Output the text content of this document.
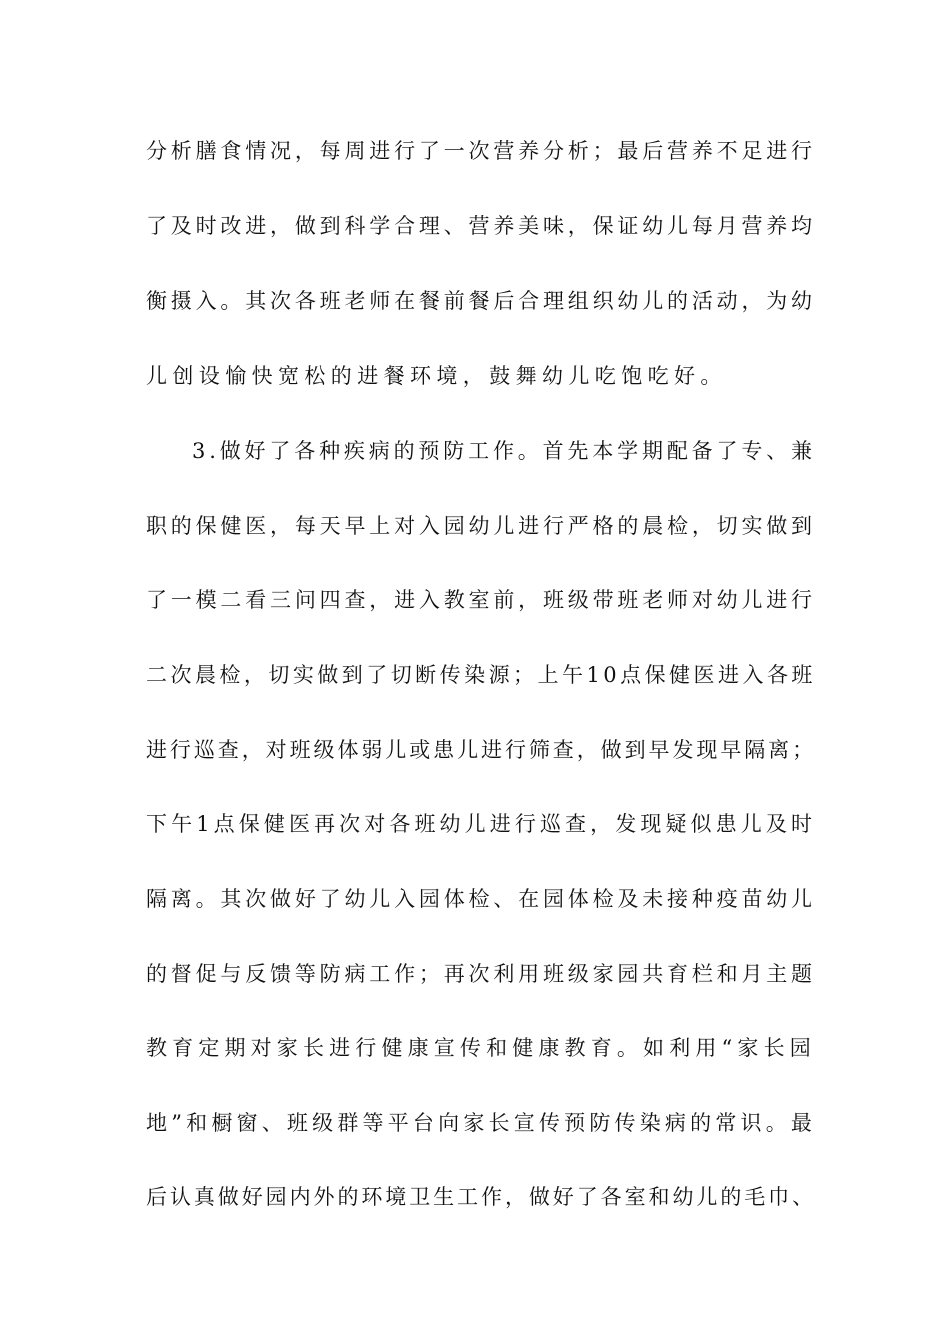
分析膳食情况，每周进行了一次营养分析；最后营养不足进行

了及时改进，做到科学合理、营养美味，保证幼儿每月营养均

衡摄入。其次各班老师在餐前餐后合理组织幼儿的活动，为幼

儿创设愉快宽松的进餐环境，鼓舞幼儿吃饱吃好。

3.做好了各种疾病的预防工作。首先本学期配备了专、兼

职的保健医，每天早上对入园幼儿进行严格的晨检，切实做到

了一模二看三问四查，进入教室前，班级带班老师对幼儿进行

二次晨检，切实做到了切断传染源；上午10点保健医进入各班

进行巡查，对班级体弱儿或患儿进行筛查，做到早发现早隔离；

下午1点保健医再次对各班幼儿进行巡查，发现疑似患儿及时

隔离。其次做好了幼儿入园体检、在园体检及未接种疫苗幼儿

的督促与反馈等防病工作；再次利用班级家园共育栏和月主题

教育定期对家长进行健康宣传和健康教育。如利用“家长园

地”和橱窗、班级群等平台向家长宣传预防传染病的常识。最

后认真做好园内外的环境卫生工作，做好了各室和幼儿的毛巾、
